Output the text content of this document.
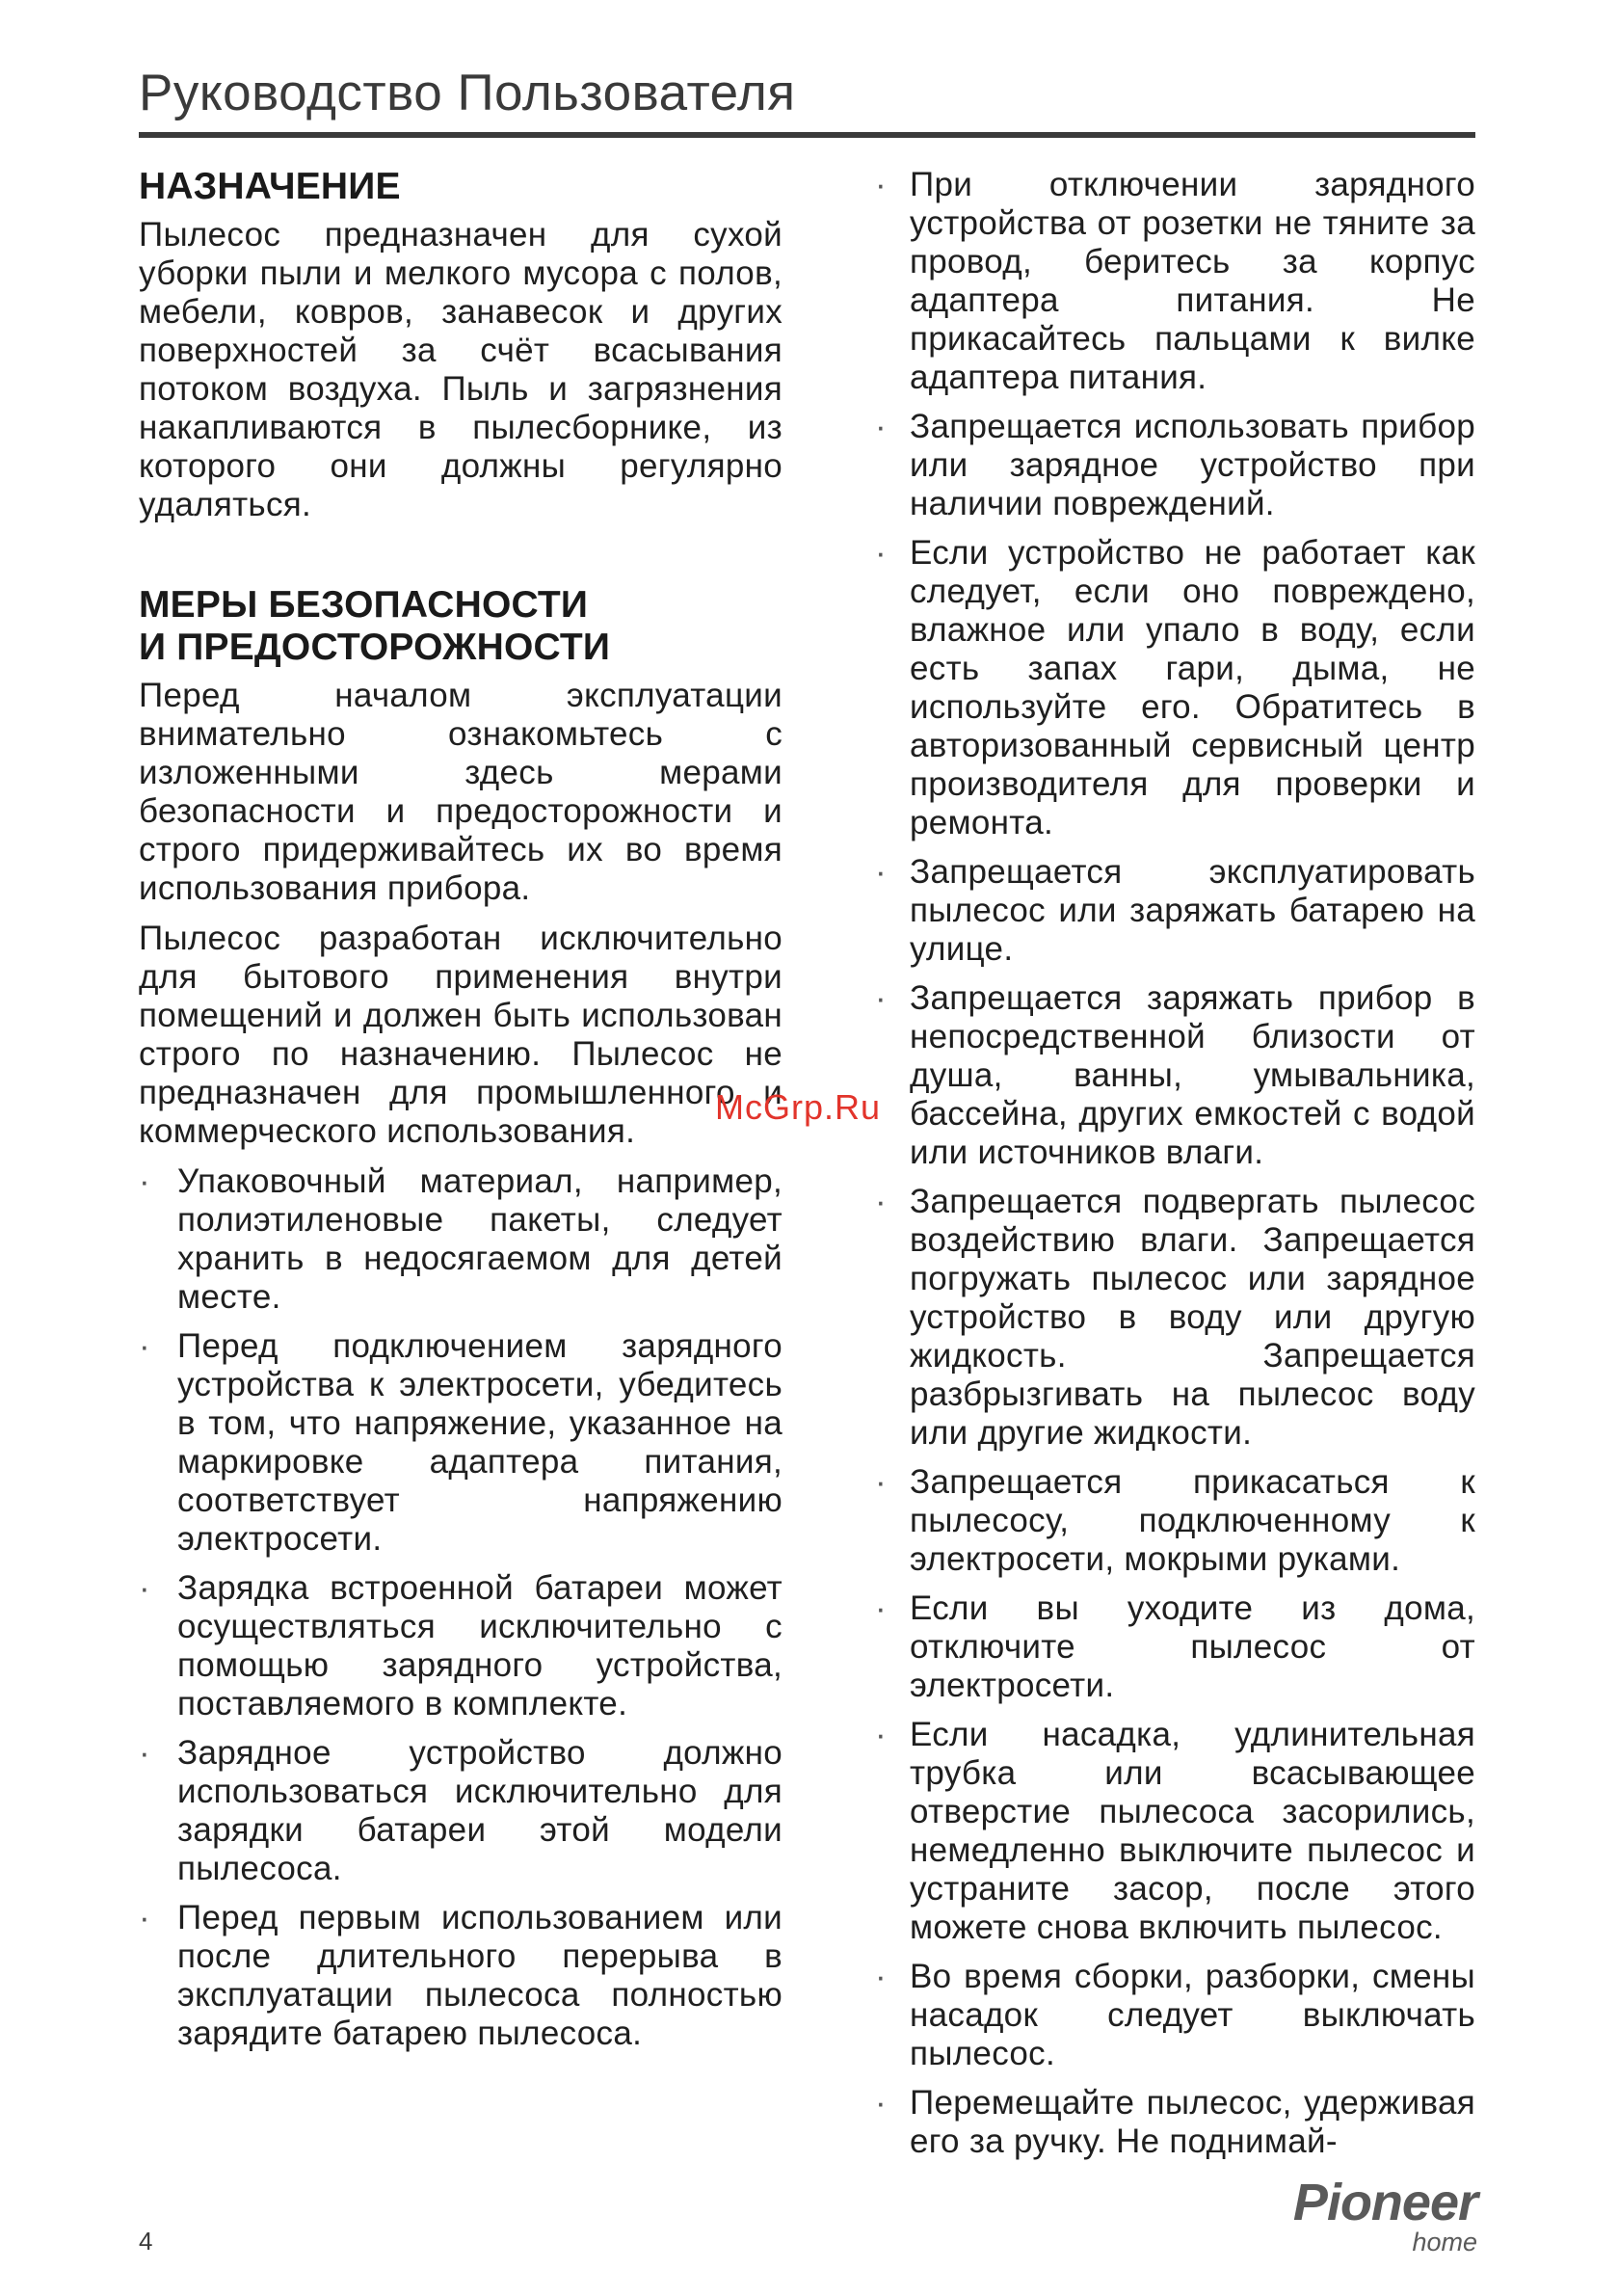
Руководство Пользователя
НАЗНАЧЕНИЕ

Пылесос предназначен для сухой уборки пыли и мелкого мусора с полов, мебели, ковров, занавесок и других поверхностей за счёт всасывания потоком воздуха. Пыль и загрязнения накапливаются в пылесборнике, из которого они должны регулярно удаляться.

МЕРЫ БЕЗОПАСНОСТИ
И ПРЕДОСТОРОЖНОСТИ

Перед началом эксплуатации внимательно ознакомьтесь с изложенными здесь мерами безопасности и предосторожности и строго придерживайтесь их во время использования прибора.

Пылесос разработан исключительно для бытового применения внутри помещений и должен быть использован строго по назначению. Пылесос не предназначен для промышленного и коммерческого использования.

· Упаковочный материал, например, полиэтиленовые пакеты, следует хранить в недосягаемом для детей месте.
· Перед подключением зарядного устройства к электросети, убедитесь в том, что напряжение, указанное на маркировке адаптера питания, соответствует напряжению электросети.
· Зарядка встроенной батареи может осуществляться исключительно с помощью зарядного устройства, поставляемого в комплекте.
· Зарядное устройство должно использоваться исключительно для зарядки батареи этой модели пылесоса.
· Перед первым использованием или после длительного перерыва в эксплуатации пылесоса полностью зарядите батарею пылесоса.
· При отключении зарядного устройства от розетки не тяните за провод, беритесь за корпус адаптера питания. Не прикасайтесь пальцами к вилке адаптера питания.
· Запрещается использовать прибор или зарядное устройство при наличии повреждений.
· Если устройство не работает как следует, если оно повреждено, влажное или упало в воду, если есть запах гари, дыма, не используйте его. Обратитесь в авторизованный сервисный центр производителя для проверки и ремонта.
· Запрещается эксплуатировать пылесос или заряжать батарею на улице.
· Запрещается заряжать прибор в непосредственной близости от душа, ванны, умывальника, бассейна, других емкостей с водой или источников влаги.
· Запрещается подвергать пылесос воздействию влаги. Запрещается погружать пылесос или зарядное устройство в воду или другую жидкость. Запрещается разбрызгивать на пылесос воду или другие жидкости.
· Запрещается прикасаться к пылесосу, подключенному к электросети, мокрыми руками.
· Если вы уходите из дома, отключите пылесос от электросети.
· Если насадка, удлинительная трубка или всасывающее отверстие пылесоса засорились, немедленно выключите пылесос и устраните засор, после этого можете снова включить пылесос.
· Во время сборки, разборки, смены насадок следует выключать пылесос.
· Перемещайте пылесос, удерживая его за ручку. Не поднимай-
McGrp.Ru
4
Pioneer
home
